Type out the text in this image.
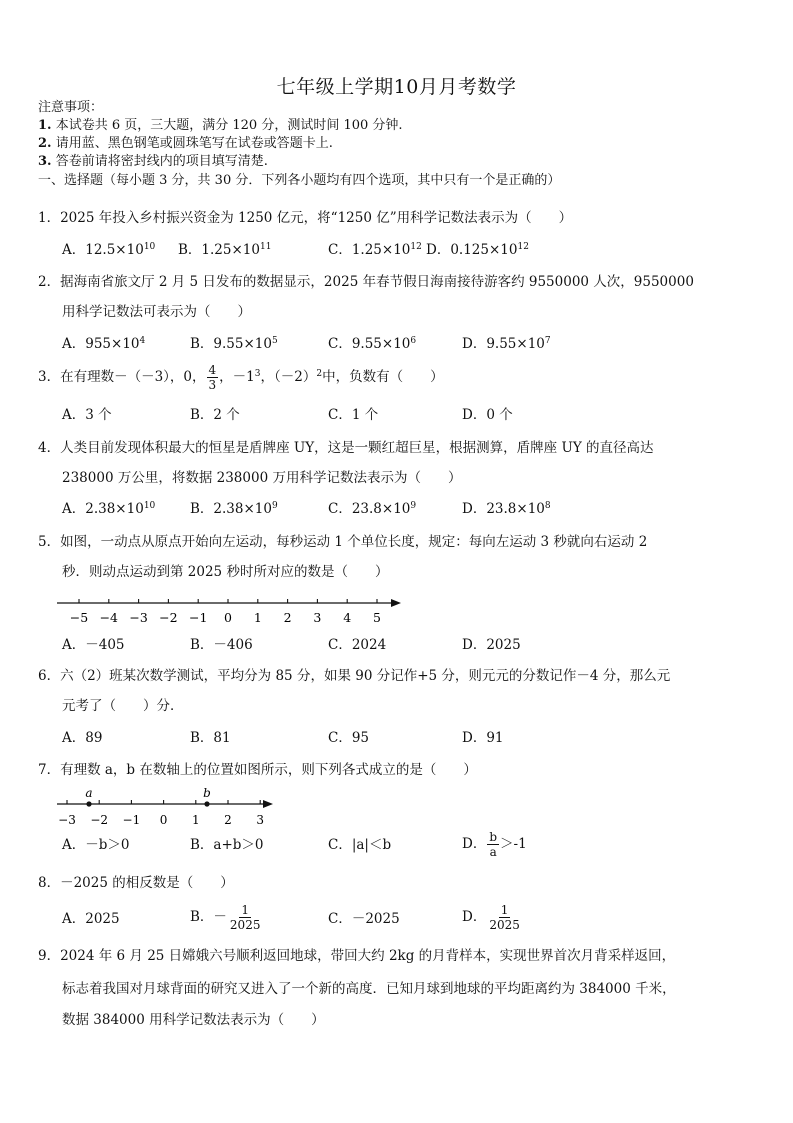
七年级上学期10月月考数学
注意事项：
1. 本试卷共 6 页，三大题，满分 120 分，测试时间 100 分钟.
2. 请用蓝、黑色钢笔或圆珠笔写在试卷或答题卡上.
3. 答卷前请将密封线内的项目填写清楚.
一、选择题（每小题 3 分，共 30 分．下列各小题均有四个选项，其中只有一个是正确的）
1．2025 年投入乡村振兴资金为 1250 亿元，将“1250 亿”用科学记数法表示为（　　）
A．$12.5\times 10^{10}$ B．$1.25\times 10^{11}$	C．$1.25\times 10^{12}$ D．$0.125\times 10^{12}$
2．据海南省旅文厅 2 月 5 日发布的数据显示，2025 年春节假日海南接待游客约 9550000 人次，9550000
用科学记数法可表示为（　　）
A．$955\times 10^4$	B．$9.55\times 10^5$	C．$9.55\times 10^6$	D．$9.55\times 10^7$
3．在有理数－（－3），0， $\frac{4}{3}$ ，$-1^3$，$(-2)^2$中，负数有（　　）
A．3 个	B．2 个	C．1 个	D．0 个
4．人类目前发现体积最大的恒星是盾牌座 UY，这是一颗红超巨星，根据测算，盾牌座 UY 的直径高达
238000 万公里，将数据 238000 万用科学记数法表示为（　　）
A．$2.38\times 10^{10}$	B．$2.38\times 10^9$	C．$23.8\times 10^9$	D．$23.8\times 10^8$
5．如图，一动点从原点开始向左运动，每秒运动 1 个单位长度，规定：每向左运动 3 秒就向右运动 2
秒．则动点运动到第 2025 秒时所对应的数是（　　）
−5 −4 −3 −2 −1 0 1 2 3 4 5
A．－405	B．－406	C．2024	D．2025
6．六（2）班某次数学测试，平均分为 85 分，如果 90 分记作+5 分，则元元的分数记作－4 分，那么元
元考了（　　）分．
A．89	B．81	C．95	D．91
7．有理数 a，b 在数轴上的位置如图所示，则下列各式成立的是（　　）
−3 −2 −1 0 1 2 3
a	b
A．－b＞0	B．a+b＞0	C．|a|＜b	D． $\frac{b}{a} >-1$
8．－2025 的相反数是（　　）
A．2025	B．－ $\frac{1}{2025}$	C．－2025	D． $\frac{1}{2025}$
9．2024 年 6 月 25 日嫦娥六号顺利返回地球，带回大约 2kg 的月背样本，实现世界首次月背采样返回，
标志着我国对月球背面的研究又进入了一个新的高度．已知月球到地球的平均距离约为 384000 千米，
数据 384000 用科学记数法表示为（　　）
